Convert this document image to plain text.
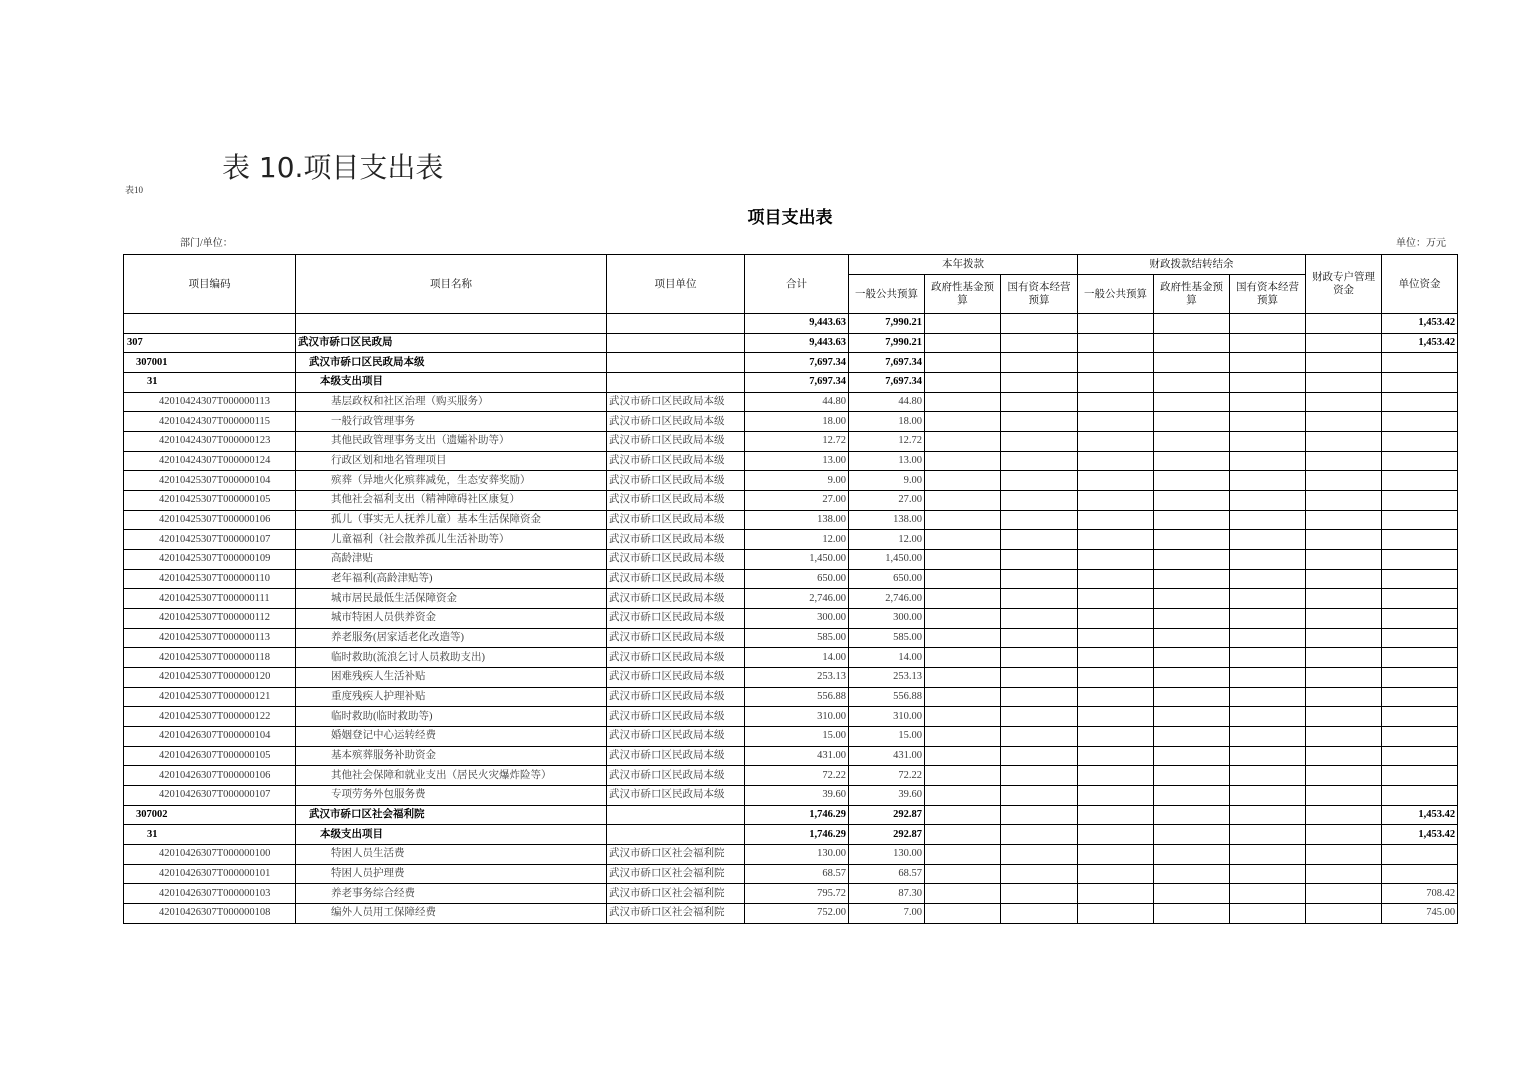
表 10.项目支出表
表10
项目支出表
部门/单位：	单位：万元
项目编码	项目名称	项目单位	合计	本年拨款			财政拨款结转结余			财政专户管理资金	单位资金
				一般公共预算	政府性基金预算	国有资本经营预算	一般公共预算	政府性基金预算	国有资本经营预算		
			9,443.63	7,990.21							1,453.42
307	武汉市硚口区民政局		9,443.63	7,990.21							1,453.42
307001	武汉市硚口区民政局本级		7,697.34	7,697.34							
31	本级支出项目		7,697.34	7,697.34							
42010424307T000000113	基层政权和社区治理（购买服务）	武汉市硚口区民政局本级	44.80	44.80							
42010424307T000000115	一般行政管理事务	武汉市硚口区民政局本级	18.00	18.00							
42010424307T000000123	其他民政管理事务支出（遗孀补助等）	武汉市硚口区民政局本级	12.72	12.72							
42010424307T000000124	行政区划和地名管理项目	武汉市硚口区民政局本级	13.00	13.00							
42010425307T000000104	殡葬（异地火化殡葬减免，生态安葬奖励）	武汉市硚口区民政局本级	9.00	9.00							
42010425307T000000105	其他社会福利支出（精神障碍社区康复）	武汉市硚口区民政局本级	27.00	27.00							
42010425307T000000106	孤儿（事实无人抚养儿童）基本生活保障资金	武汉市硚口区民政局本级	138.00	138.00							
42010425307T000000107	儿童福利（社会散养孤儿生活补助等）	武汉市硚口区民政局本级	12.00	12.00							
42010425307T000000109	高龄津贴	武汉市硚口区民政局本级	1,450.00	1,450.00							
42010425307T000000110	老年福利(高龄津贴等)	武汉市硚口区民政局本级	650.00	650.00							
42010425307T000000111	城市居民最低生活保障资金	武汉市硚口区民政局本级	2,746.00	2,746.00							
42010425307T000000112	城市特困人员供养资金	武汉市硚口区民政局本级	300.00	300.00							
42010425307T000000113	养老服务(居家适老化改造等)	武汉市硚口区民政局本级	585.00	585.00							
42010425307T000000118	临时救助(流浪乞讨人员救助支出)	武汉市硚口区民政局本级	14.00	14.00							
42010425307T000000120	困难残疾人生活补贴	武汉市硚口区民政局本级	253.13	253.13							
42010425307T000000121	重度残疾人护理补贴	武汉市硚口区民政局本级	556.88	556.88							
42010425307T000000122	临时救助(临时救助等)	武汉市硚口区民政局本级	310.00	310.00							
42010426307T000000104	婚姻登记中心运转经费	武汉市硚口区民政局本级	15.00	15.00							
42010426307T000000105	基本殡葬服务补助资金	武汉市硚口区民政局本级	431.00	431.00							
42010426307T000000106	其他社会保障和就业支出（居民火灾爆炸险等）	武汉市硚口区民政局本级	72.22	72.22							
42010426307T000000107	专项劳务外包服务费	武汉市硚口区民政局本级	39.60	39.60							
307002	武汉市硚口区社会福利院		1,746.29	292.87							1,453.42
31	本级支出项目		1,746.29	292.87							1,453.42
42010426307T000000100	特困人员生活费	武汉市硚口区社会福利院	130.00	130.00							
42010426307T000000101	特困人员护理费	武汉市硚口区社会福利院	68.57	68.57							
42010426307T000000103	养老事务综合经费	武汉市硚口区社会福利院	795.72	87.30							708.42
42010426307T000000108	编外人员用工保障经费	武汉市硚口区社会福利院	752.00	7.00							745.00
